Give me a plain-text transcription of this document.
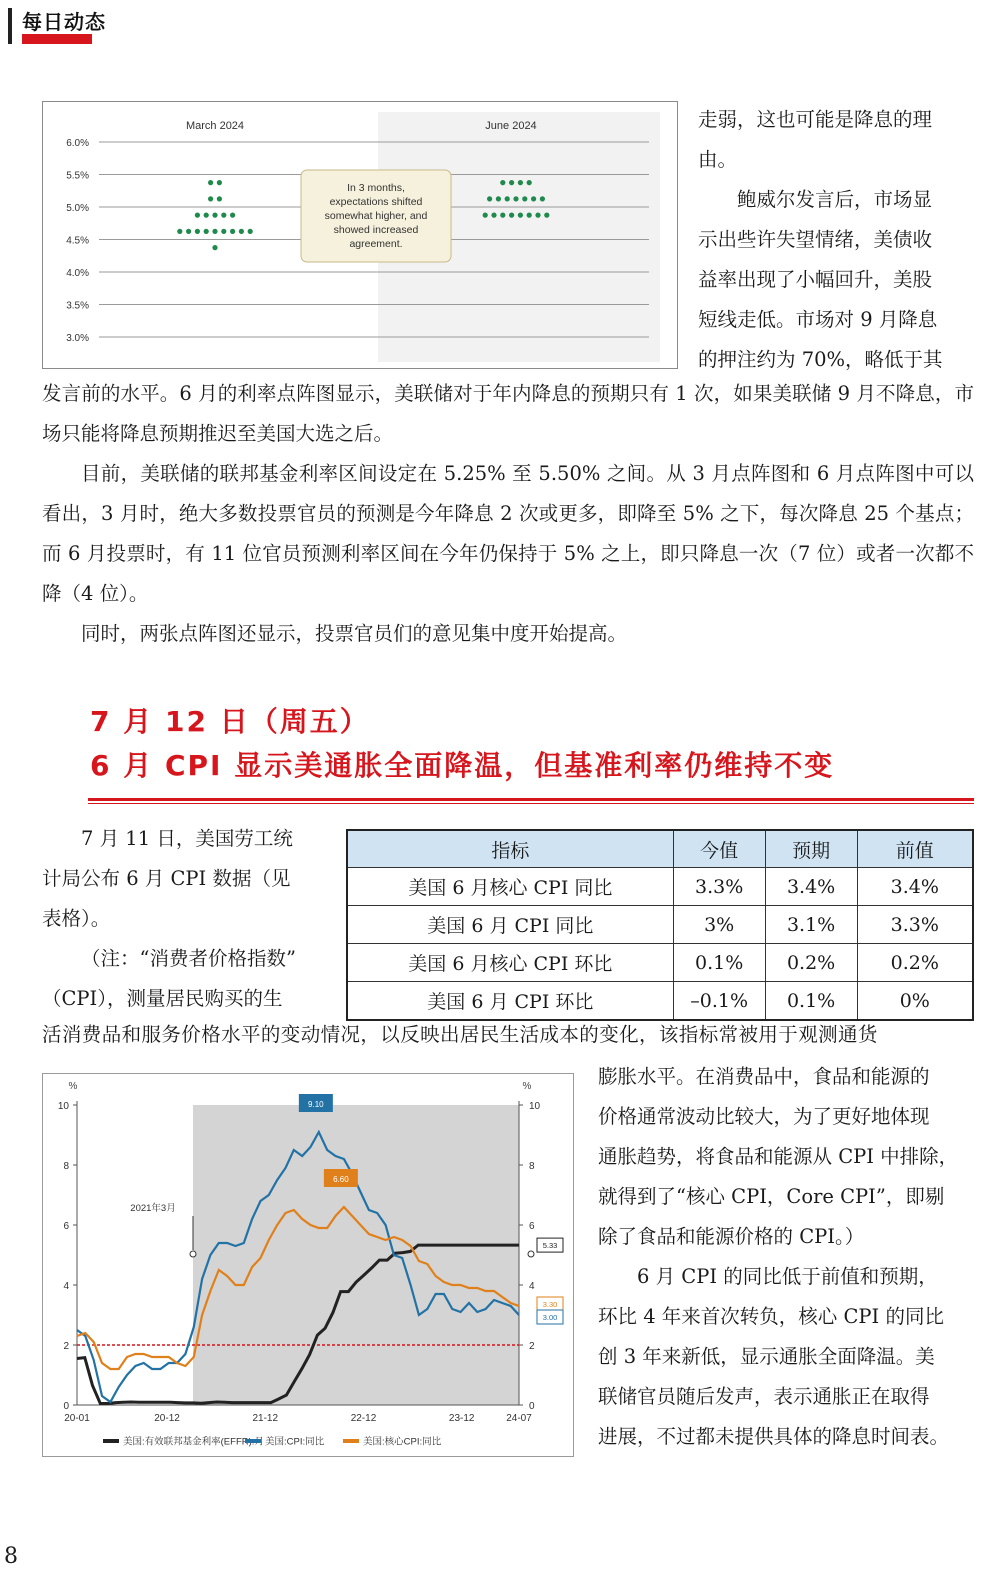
每日动态
March 2024	June 2024
6.0%
5.5%
5.0%
4.5%
4.0%
3.5%
3.0%
In 3 months,
expectations shifted
somewhat higher, and
showed increased
agreement.
走弱，这也可能是降息的理
由。
鲍威尔发言后，市场显
示出些许失望情绪，美债收
益率出现了小幅回升，美股
短线走低。市场对 9 月降息
的押注约为 70%，略低于其
发言前的水平。6 月的利率点阵图显示，美联储对于年内降息的预期只有 1 次，如果美联储 9 月不降息，市场只能将降息预期推迟至美国大选之后。
目前，美联储的联邦基金利率区间设定在 5.25% 至 5.50% 之间。从 3 月点阵图和 6 月点阵图中可以看出，3 月时，绝大多数投票官员的预测是今年降息 2 次或更多，即降至 5% 之下，每次降息 25 个基点；而 6 月投票时，有 11 位官员预测利率区间在今年仍保持于 5% 之上，即只降息一次（7 位）或者一次都不降（4 位）。
同时，两张点阵图还显示，投票官员们的意见集中度开始提高。
7 月 12 日（周五）
6 月 CPI 显示美通胀全面降温，但基准利率仍维持不变
7 月 11 日，美国劳工统
计局公布 6 月 CPI 数据（见
表格）。
（注：“消费者价格指数”
（CPI），测量居民购买的生
指标	今值	预期	前值
美国 6 月核心 CPI 同比	3.3%	3.4%	3.4%
美国 6 月 CPI 同比	3%	3.1%	3.3%
美国 6 月核心 CPI 环比	0.1%	0.2%	0.2%
美国 6 月 CPI 环比	–0.1%	0.1%	0%
活消费品和服务价格水平的变动情况，以反映出居民生活成本的变化，该指标常被用于观测通货
%	%
0	0
2	2
4	4
6	6
8	8
10	10
20-01	20-12	21-12	22-12	23-12	24-07
2021年3月
9.10
6.60
5.33
3.30
3.00
美国:有效联邦基金利率(EFFR):月 美国:CPI:同比	美国:核心CPI:同比
膨胀水平。在消费品中，食品和能源的
价格通常波动比较大，为了更好地体现
通胀趋势，将食品和能源从 CPI 中排除，
就得到了“核心 CPI，Core CPI”，即剔
除了食品和能源价格的 CPI。）
6 月 CPI 的同比低于前值和预期，
环比 4 年来首次转负，核心 CPI 的同比
创 3 年来新低，显示通胀全面降温。美
联储官员随后发声，表示通胀正在取得
进展，不过都未提供具体的降息时间表。
8
